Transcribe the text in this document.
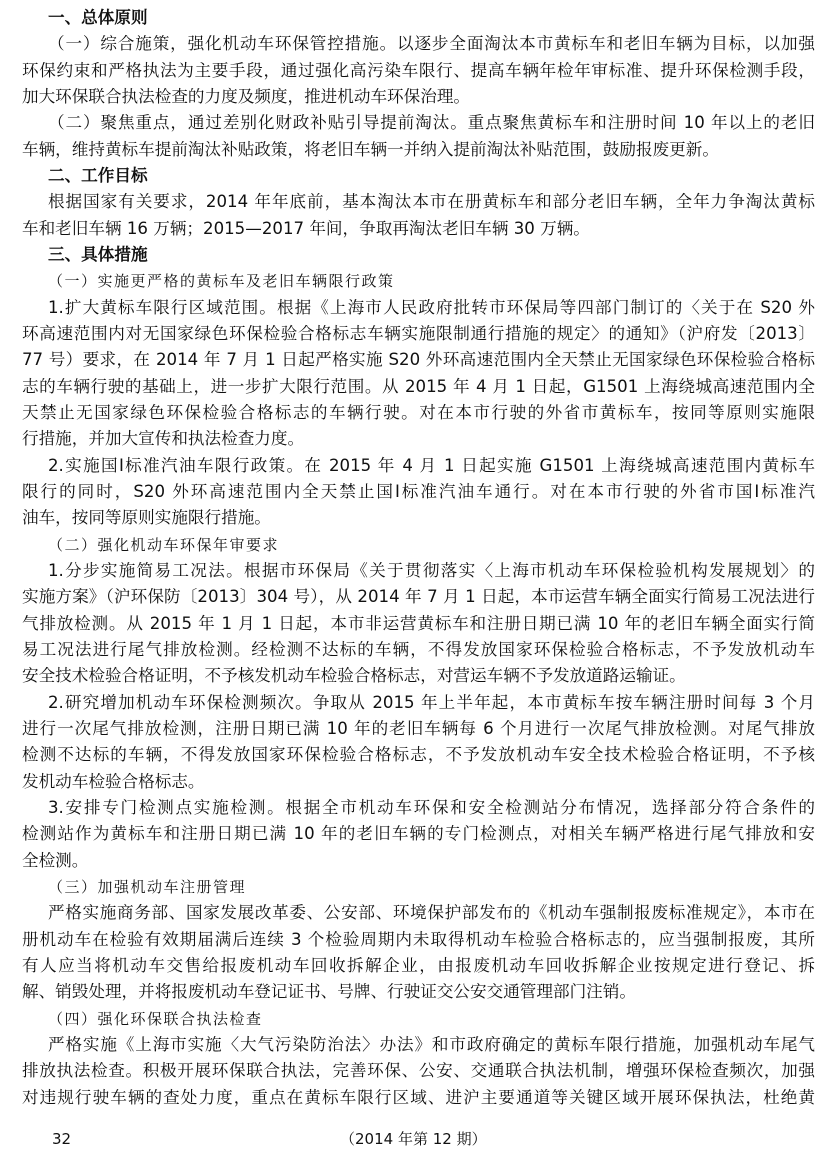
一、总体原则
（一）综合施策，强化机动车环保管控措施。以逐步全面淘汰本市黄标车和老旧车辆为目标，以加强
环保约束和严格执法为主要手段，通过强化高污染车限行、提高车辆年检年审标准、提升环保检测手段，
加大环保联合执法检查的力度及频度，推进机动车环保治理。
（二）聚焦重点，通过差别化财政补贴引导提前淘汰。重点聚焦黄标车和注册时间 10 年以上的老旧
车辆，维持黄标车提前淘汰补贴政策，将老旧车辆一并纳入提前淘汰补贴范围，鼓励报废更新。
二、工作目标
根据国家有关要求，2014 年年底前，基本淘汰本市在册黄标车和部分老旧车辆，全年力争淘汰黄标
车和老旧车辆 16 万辆；2015—2017 年间，争取再淘汰老旧车辆 30 万辆。
三、具体措施
（一）实施更严格的黄标车及老旧车辆限行政策
1.扩大黄标车限行区域范围。根据《上海市人民政府批转市环保局等四部门制订的〈关于在 S20 外
环高速范围内对无国家绿色环保检验合格标志车辆实施限制通行措施的规定〉的通知》（沪府发〔2013〕
77 号）要求，在 2014 年 7 月 1 日起严格实施 S20 外环高速范围内全天禁止无国家绿色环保检验合格标
志的车辆行驶的基础上，进一步扩大限行范围。从 2015 年 4 月 1 日起，G1501 上海绕城高速范围内全
天禁止无国家绿色环保检验合格标志的车辆行驶。对在本市行驶的外省市黄标车，按同等原则实施限
行措施，并加大宣传和执法检查力度。
2.实施国Ⅰ标准汽油车限行政策。在 2015 年 4 月 1 日起实施 G1501 上海绕城高速范围内黄标车
限行的同时，S20 外环高速范围内全天禁止国Ⅰ标准汽油车通行。对在本市行驶的外省市国Ⅰ标准汽
油车，按同等原则实施限行措施。
（二）强化机动车环保年审要求
1.分步实施简易工况法。根据市环保局《关于贯彻落实〈上海市机动车环保检验机构发展规划〉的
实施方案》（沪环保防〔2013〕304 号），从 2014 年 7 月 1 日起，本市运营车辆全面实行简易工况法进行
气排放检测。从 2015 年 1 月 1 日起，本市非运营黄标车和注册日期已满 10 年的老旧车辆全面实行简
易工况法进行尾气排放检测。经检测不达标的车辆，不得发放国家环保检验合格标志，不予发放机动车
安全技术检验合格证明，不予核发机动车检验合格标志，对营运车辆不予发放道路运输证。
2.研究增加机动车环保检测频次。争取从 2015 年上半年起，本市黄标车按车辆注册时间每 3 个月
进行一次尾气排放检测，注册日期已满 10 年的老旧车辆每 6 个月进行一次尾气排放检测。对尾气排放
检测不达标的车辆，不得发放国家环保检验合格标志，不予发放机动车安全技术检验合格证明，不予核
发机动车检验合格标志。
3.安排专门检测点实施检测。根据全市机动车环保和安全检测站分布情况，选择部分符合条件的
检测站作为黄标车和注册日期已满 10 年的老旧车辆的专门检测点，对相关车辆严格进行尾气排放和安
全检测。
（三）加强机动车注册管理
严格实施商务部、国家发展改革委、公安部、环境保护部发布的《机动车强制报废标准规定》，本市在
册机动车在检验有效期届满后连续 3 个检验周期内未取得机动车检验合格标志的，应当强制报废，其所
有人应当将机动车交售给报废机动车回收拆解企业，由报废机动车回收拆解企业按规定进行登记、拆
解、销毁处理，并将报废机动车登记证书、号牌、行驶证交公安交通管理部门注销。
（四）强化环保联合执法检查
严格实施《上海市实施〈大气污染防治法〉办法》和市政府确定的黄标车限行措施，加强机动车尾气
排放执法检查。积极开展环保联合执法，完善环保、公安、交通联合执法机制，增强环保检查频次，加强
对违规行驶车辆的查处力度，重点在黄标车限行区域、进沪主要通道等关键区域开展环保执法，杜绝黄
32	（2014 年第 12 期）
